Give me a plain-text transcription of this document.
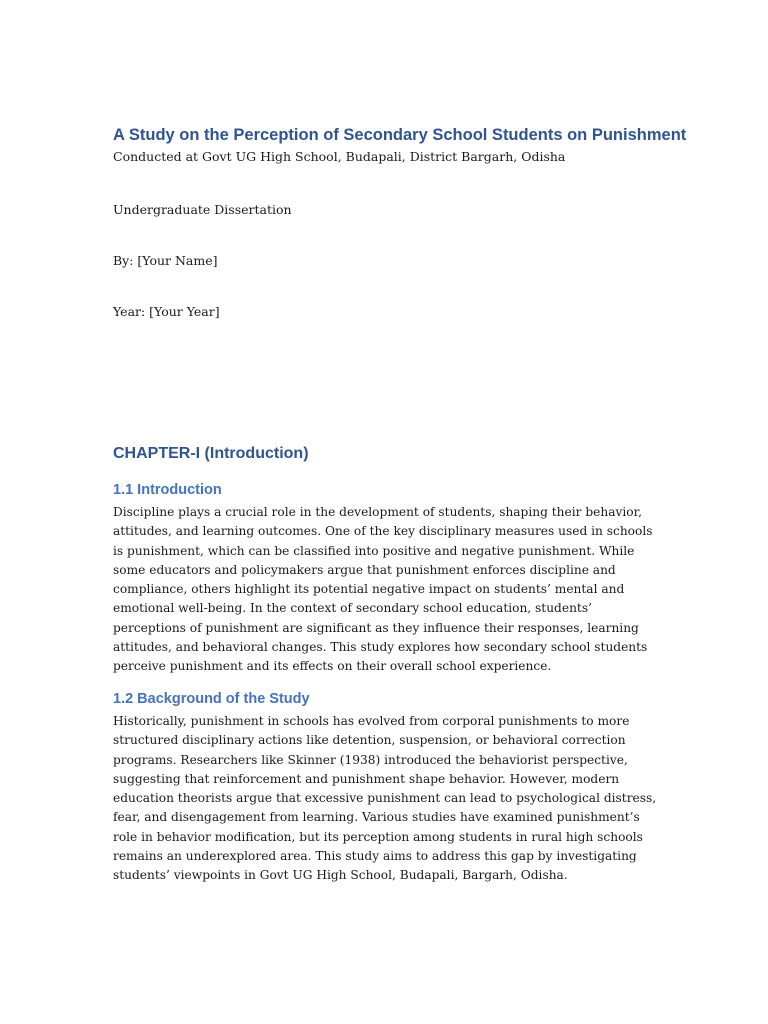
A Study on the Perception of Secondary School Students on Punishment

Conducted at Govt UG High School, Budapali, District Bargarh, Odisha

Undergraduate Dissertation

By: [Your Name]

Year: [Your Year]

CHAPTER-I (Introduction)
1.1 Introduction

Discipline plays a crucial role in the development of students, shaping their behavior, attitudes, and learning outcomes. One of the key disciplinary measures used in schools is punishment, which can be classified into positive and negative punishment. While some educators and policymakers argue that punishment enforces discipline and compliance, others highlight its potential negative impact on students’ mental and emotional well-being. In the context of secondary school education, students’ perceptions of punishment are significant as they influence their responses, learning attitudes, and behavioral changes. This study explores how secondary school students perceive punishment and its effects on their overall school experience.

1.2 Background of the Study

Historically, punishment in schools has evolved from corporal punishments to more structured disciplinary actions like detention, suspension, or behavioral correction programs. Researchers like Skinner (1938) introduced the behaviorist perspective, suggesting that reinforcement and punishment shape behavior. However, modern education theorists argue that excessive punishment can lead to psychological distress, fear, and disengagement from learning. Various studies have examined punishment’s role in behavior modification, but its perception among students in rural high schools remains an underexplored area. This study aims to address this gap by investigating students’ viewpoints in Govt UG High School, Budapali, Bargarh, Odisha.
